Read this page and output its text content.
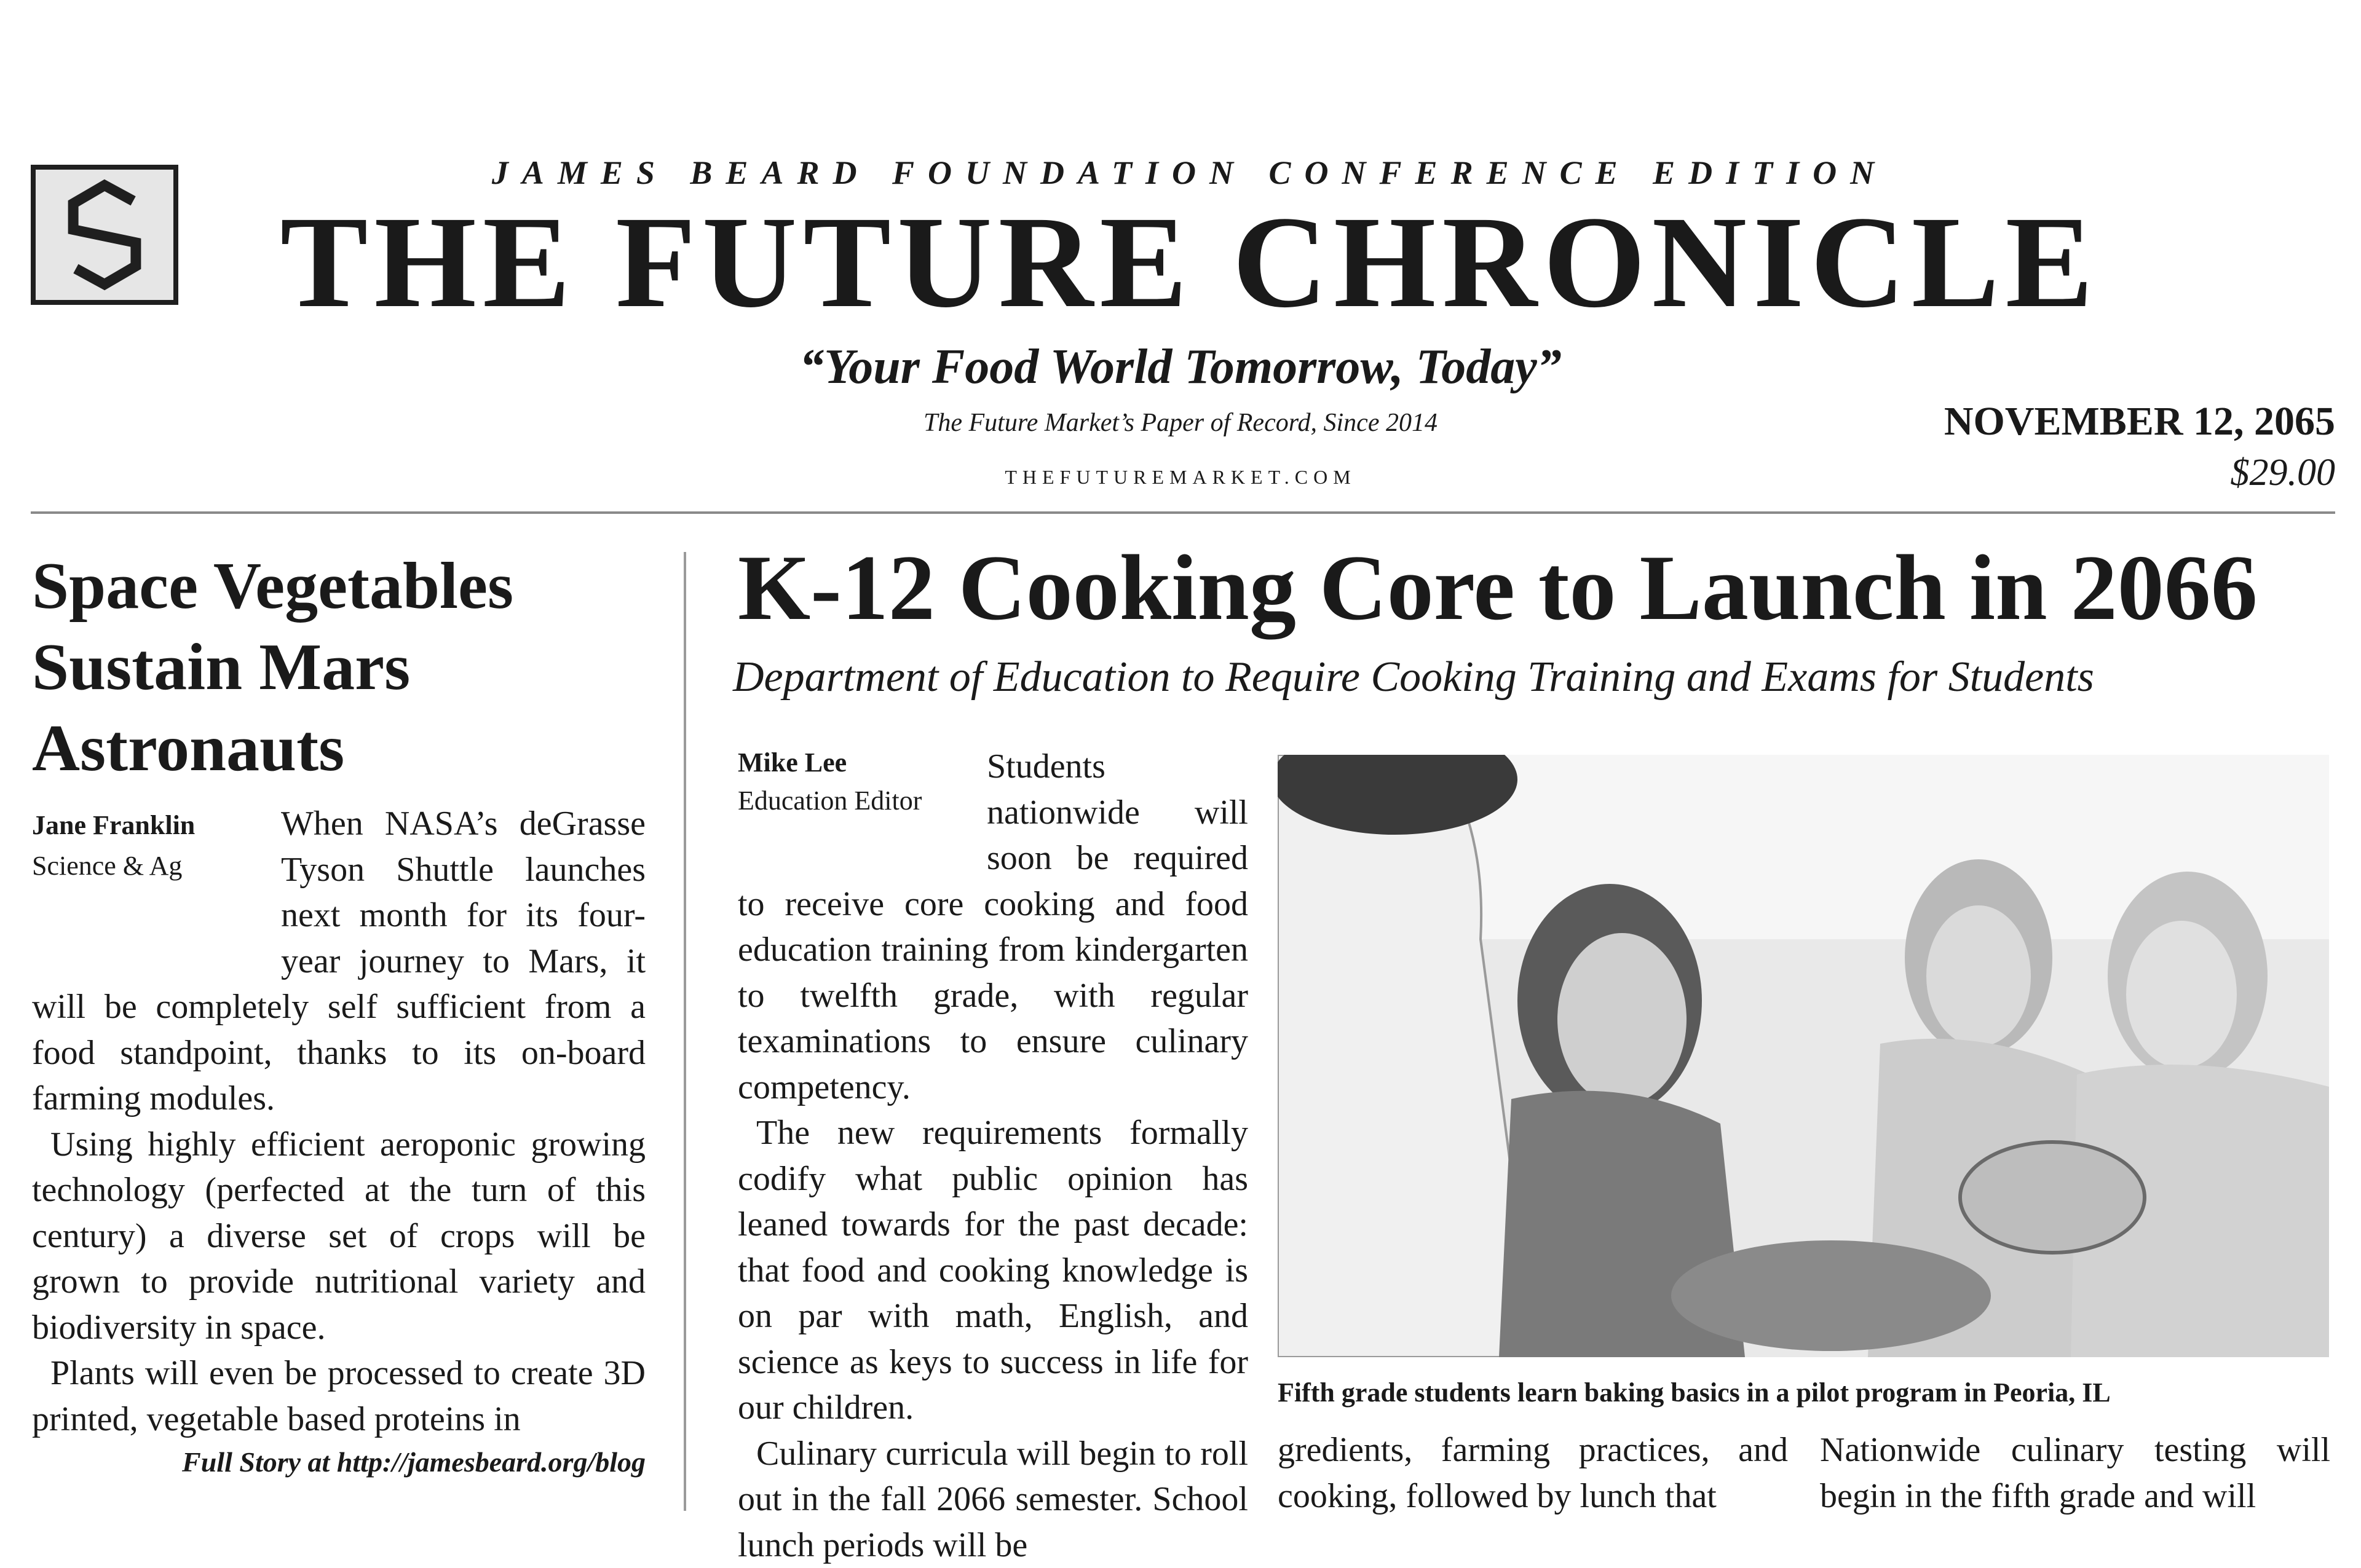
JAMES BEARD FOUNDATION CONFERENCE EDITION
THE FUTURE CHRONICLE
“Your Food World Tomorrow, Today”
The Future Market’s Paper of Record, Since 2014
THEFUTUREMARKET.COM
NOVEMBER 12, 2065
$29.00
Space Vegetables Sustain Mars Astronauts
Jane Franklin
Science & Ag

When NASA’s deGrasse Tyson Shuttle launches next month for its four-year journey to Mars, it will be completely self sufficient from a food standpoint, thanks to its on-board farming modules.

Using highly efficient aeroponic growing technology (perfected at the turn of this century) a diverse set of crops will be grown to provide nutritional variety and biodiversity in space.

Plants will even be processed to create 3D printed, vegetable based proteins in

Full Story at http://jamesbeard.org/blog
K-12 Cooking Core to Launch in 2066
Department of Education to Require Cooking Training and Exams for Students
Mike Lee
Education Editor

Students nationwide will soon be required to receive core cooking and food education training from kindergarten to twelfth grade, with regular texaminations to ensure culinary competency.

The new requirements formally codify what public opinion has leaned towards for the past decade: that food and cooking knowledge is on par with math, English, and science as keys to success in life for our children.

Culinary curricula will begin to roll out in the fall 2066 semester. School lunch periods will be

Fifth grade students learn baking basics in a pilot program in Peoria, IL
gredients, farming practices, and cooking, followed by lunch that
Nationwide culinary testing will begin in the fifth grade and will
